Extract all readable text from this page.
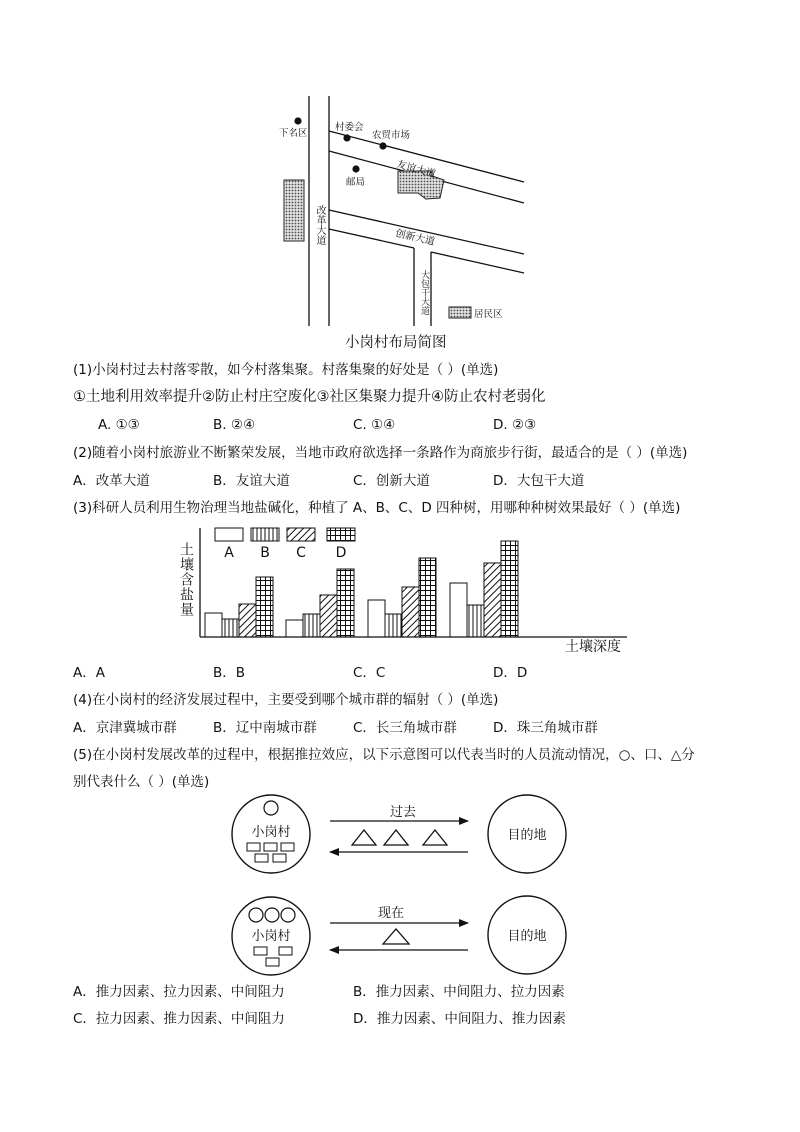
下名区
村委会
农贸市场
邮局
友谊大道
创新大道
居民区
改革大道
大包干大道
小岗村布局简图
(1)小岗村过去村落零散，如今村落集聚。村落集聚的好处是（ ）(单选)
①土地利用效率提升②防止村庄空废化③社区集聚力提升④防止农村老弱化
A. ①③	B. ②④	C. ①④	D. ②③
(2)随着小岗村旅游业不断繁荣发展，当地市政府欲选择一条路作为商旅步行街，最适合的是（ ）(单选)
A．改革大道	B．友谊大道	C．创新大道	D．大包干大道
(3)科研人员利用生物治理当地盐碱化，种植了 A、B、C、D 四种树，用哪种种树效果最好（ ）(单选)
A B C D
土壤含盐量
土壤深度
A．A	B．B	C．C	D．D
(4)在小岗村的经济发展过程中，主要受到哪个城市群的辐射（ ）(单选)
A．京津冀城市群	B．辽中南城市群	C．长三角城市群	D．珠三角城市群
(5)在小岗村发展改革的过程中，根据推拉效应，以下示意图可以代表当时的人员流动情况，○、口、△分
别代表什么（ ）(单选)
小岗村	目的地
过去
小岗村	目的地
现在
A．推力因素、拉力因素、中间阻力	B．推力因素、中间阻力、拉力因素
C．拉力因素、推力因素、中间阻力	D．推力因素、中间阻力、推力因素
